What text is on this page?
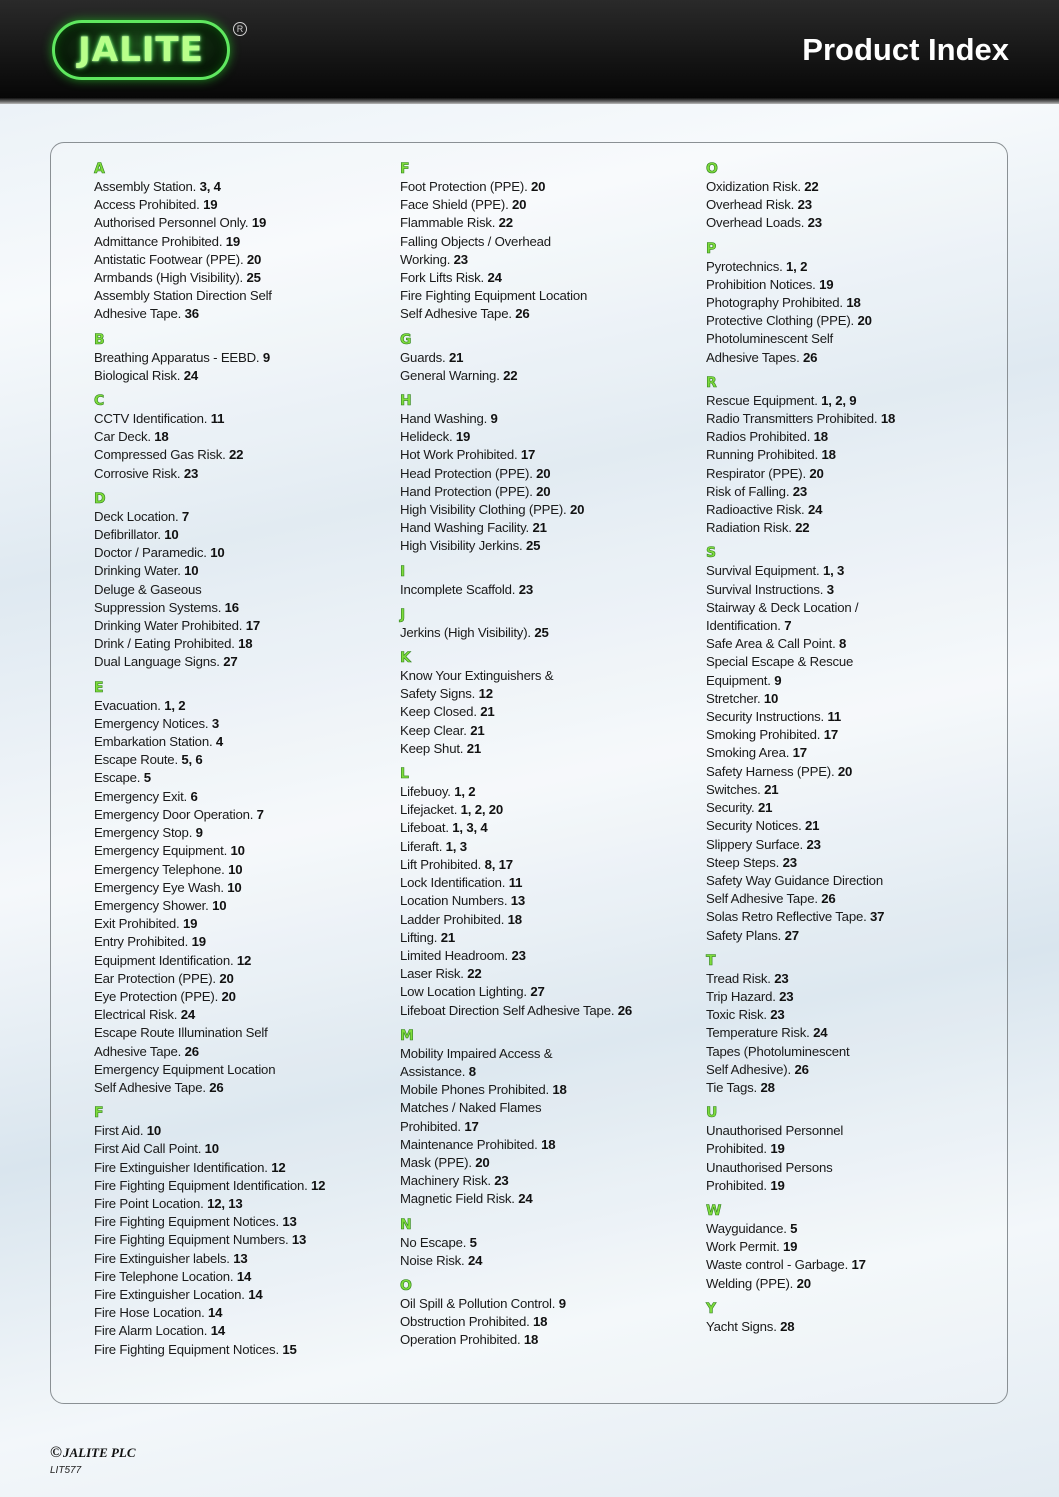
JALITE
R
Product Index
A
Assembly Station. 3, 4
Access Prohibited. 19
Authorised Personnel Only. 19
Admittance Prohibited. 19
Antistatic Footwear (PPE). 20
Armbands (High Visibility). 25
Assembly Station Direction Self
Adhesive Tape. 36
B
Breathing Apparatus - EEBD. 9
Biological Risk. 24
C
CCTV Identification. 11
Car Deck. 18
Compressed Gas Risk. 22
Corrosive Risk. 23
D
Deck Location. 7
Defibrillator. 10
Doctor / Paramedic. 10
Drinking Water. 10
Deluge & Gaseous
Suppression Systems. 16
Drinking Water Prohibited. 17
Drink / Eating Prohibited. 18
Dual Language Signs. 27
E
Evacuation. 1, 2
Emergency Notices. 3
Embarkation Station. 4
Escape Route. 5, 6
Escape. 5
Emergency Exit. 6
Emergency Door Operation. 7
Emergency Stop. 9
Emergency Equipment. 10
Emergency Telephone. 10
Emergency Eye Wash. 10
Emergency Shower. 10
Exit Prohibited. 19
Entry Prohibited. 19
Equipment Identification. 12
Ear Protection (PPE). 20
Eye Protection (PPE). 20
Electrical Risk. 24
Escape Route Illumination Self
Adhesive Tape. 26
Emergency Equipment Location
Self Adhesive Tape. 26
F
First Aid. 10
First Aid Call Point. 10
Fire Extinguisher Identification. 12
Fire Fighting Equipment Identification. 12
Fire Point Location. 12, 13
Fire Fighting Equipment Notices. 13
Fire Fighting Equipment Numbers. 13
Fire Extinguisher labels. 13
Fire Telephone Location. 14
Fire Extinguisher Location. 14
Fire Hose Location. 14
Fire Alarm Location. 14
Fire Fighting Equipment Notices. 15
F
Foot Protection (PPE). 20
Face Shield (PPE). 20
Flammable Risk. 22
Falling Objects / Overhead
Working. 23
Fork Lifts Risk. 24
Fire Fighting Equipment Location
Self Adhesive Tape. 26
G
Guards. 21
General Warning. 22
H
Hand Washing. 9
Helideck. 19
Hot Work Prohibited. 17
Head Protection (PPE). 20
Hand Protection (PPE). 20
High Visibility Clothing (PPE). 20
Hand Washing Facility. 21
High Visibility Jerkins. 25
I
Incomplete Scaffold. 23
J
Jerkins (High Visibility). 25
K
Know Your Extinguishers &
Safety Signs. 12
Keep Closed. 21
Keep Clear. 21
Keep Shut. 21
L
Lifebuoy. 1, 2
Lifejacket. 1, 2, 20
Lifeboat. 1, 3, 4
Liferaft. 1, 3
Lift Prohibited. 8, 17
Lock Identification. 11
Location Numbers. 13
Ladder Prohibited. 18
Lifting. 21
Limited Headroom. 23
Laser Risk. 22
Low Location Lighting. 27
Lifeboat Direction Self Adhesive Tape. 26
M
Mobility Impaired Access &
Assistance. 8
Mobile Phones Prohibited. 18
Matches / Naked Flames
Prohibited. 17
Maintenance Prohibited. 18
Mask (PPE). 20
Machinery Risk. 23
Magnetic Field Risk. 24
N
No Escape. 5
Noise Risk. 24
O
Oil Spill & Pollution Control. 9
Obstruction Prohibited. 18
Operation Prohibited. 18
O
Oxidization Risk. 22
Overhead Risk. 23
Overhead Loads. 23
P
Pyrotechnics. 1, 2
Prohibition Notices. 19
Photography Prohibited. 18
Protective Clothing (PPE). 20
Photoluminescent Self
Adhesive Tapes. 26
R
Rescue Equipment. 1, 2, 9
Radio Transmitters Prohibited. 18
Radios Prohibited. 18
Running Prohibited. 18
Respirator (PPE). 20
Risk of Falling. 23
Radioactive Risk. 24
Radiation Risk. 22
S
Survival Equipment. 1, 3
Survival Instructions. 3
Stairway & Deck Location /
Identification. 7
Safe Area & Call Point. 8
Special Escape & Rescue
Equipment. 9
Stretcher. 10
Security Instructions. 11
Smoking Prohibited. 17
Smoking Area. 17
Safety Harness (PPE). 20
Switches. 21
Security. 21
Security Notices. 21
Slippery Surface. 23
Steep Steps. 23
Safety Way Guidance Direction
Self Adhesive Tape. 26
Solas Retro Reflective Tape. 37
Safety Plans. 27
T
Tread Risk. 23
Trip Hazard. 23
Toxic Risk. 23
Temperature Risk. 24
Tapes (Photoluminescent
Self Adhesive). 26
Tie Tags. 28
U
Unauthorised Personnel
Prohibited. 19
Unauthorised Persons
Prohibited. 19
W
Wayguidance. 5
Work Permit. 19
Waste control - Garbage. 17
Welding (PPE). 20
Y
Yacht Signs. 28
©JALITE PLC
LIT577
